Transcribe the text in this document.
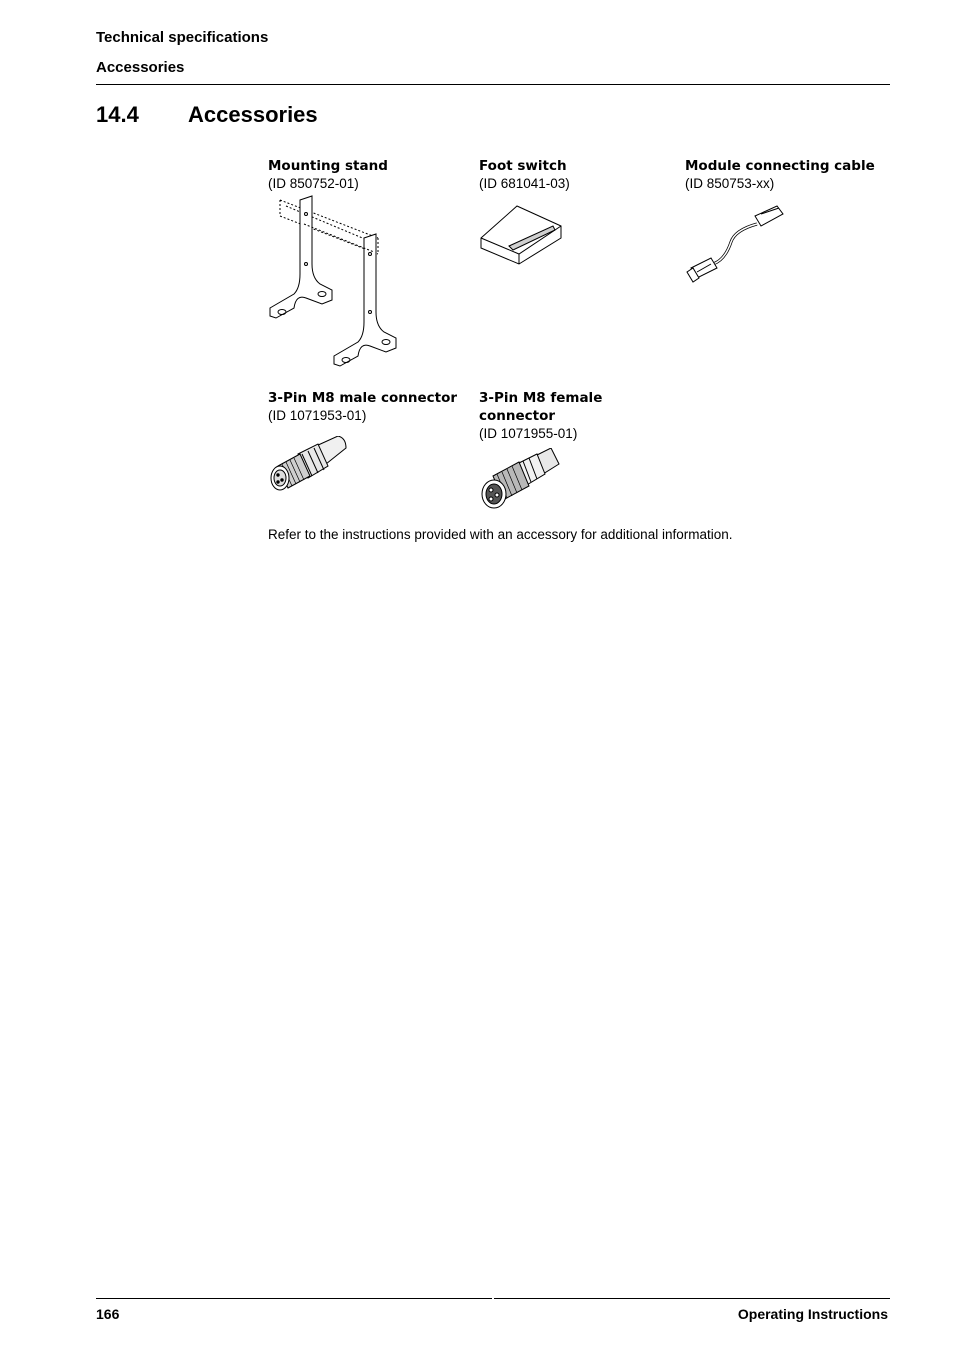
Technical specifications
Accessories
14.4 Accessories
Mounting stand
(ID 850752-01)
Foot switch
(ID 681041-03)
Module connecting cable
(ID 850753-xx)
3-Pin M8 male connector
(ID 1071953-01)
3-Pin M8 female connector
(ID 1071955-01)
Refer to the instructions provided with an accessory for additional information.
166	Operating Instructions
